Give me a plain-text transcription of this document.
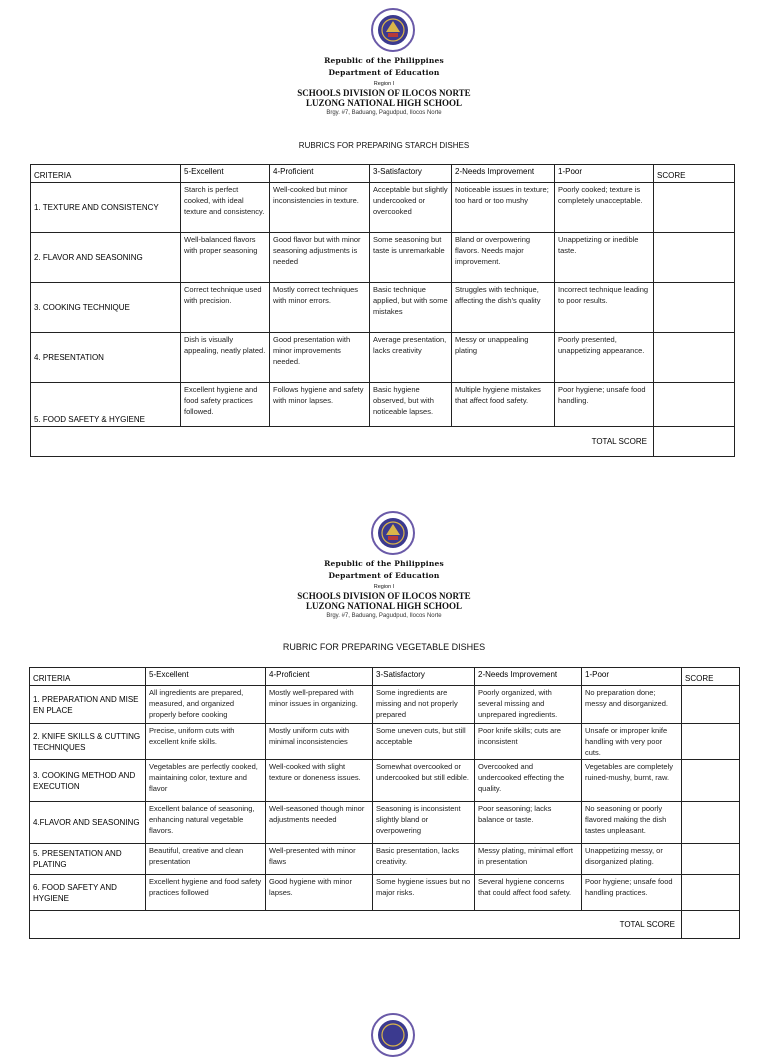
Republic of the Philippines
Department of Education
Region I
SCHOOLS DIVISION OF ILOCOS NORTE
LUZONG NATIONAL HIGH SCHOOL
Brgy. #7, Baduang, Pagudpud, Ilocos Norte
RUBRICS FOR PREPARING STARCH DISHES
CRITERIA	5-Excellent	4-Proficient	3-Satisfactory	2-Needs Improvement	1-Poor	SCORE
1. TEXTURE AND CONSISTENCY	Starch is perfect cooked, with ideal texture and consistency.	Well-cooked but minor inconsistencies in texture.	Acceptable but slightly undercooked or overcooked	Noticeable issues in texture; too hard or too mushy	Poorly cooked; texture is completely unacceptable.	
2. FLAVOR AND SEASONING	Well-balanced flavors with proper seasoning	Good flavor but with minor seasoning adjustments is needed	Some seasoning but taste is unremarkable	Bland or overpowering flavors. Needs major improvement.	Unappetizing or inedible taste.	
3. COOKING TECHNIQUE	Correct technique used with precision.	Mostly correct techniques with minor errors.	Basic technique applied, but with some mistakes	Struggles with technique, affecting the dish's quality	Incorrect technique leading to poor results.	
4. PRESENTATION	Dish is visually appealing, neatly plated.	Good presentation with minor improvements needed.	Average presentation, lacks creativity	Messy or unappealing plating	Poorly presented, unappetizing appearance.	
5. FOOD SAFETY & HYGIENE	Excellent hygiene and food safety practices followed.	Follows hygiene and safety with minor lapses.	Basic hygiene observed, but with noticeable lapses.	Multiple hygiene mistakes that affect food safety.	Poor hygiene; unsafe food handling.	
TOTAL SCORE						
Republic of the Philippines
Department of Education
Region I
SCHOOLS DIVISION OF ILOCOS NORTE
LUZONG NATIONAL HIGH SCHOOL
Brgy. #7, Baduang, Pagudpud, Ilocos Norte
RUBRIC FOR PREPARING VEGETABLE DISHES
CRITERIA	5-Excellent	4-Proficient	3-Satisfactory	2-Needs Improvement	1-Poor	SCORE
1. PREPARATION AND MISE EN PLACE	All ingredients are prepared, measured, and organized properly before cooking	Mostly well-prepared with minor issues in organizing.	Some ingredients are missing and not properly prepared	Poorly organized, with several missing and unprepared ingredients.	No preparation done; messy and disorganized.	
2. KNIFE SKILLS & CUTTING TECHNIQUES	Precise, uniform cuts with excellent knife skills.	Mostly uniform cuts with minimal inconsistencies	Some uneven cuts, but still acceptable	Poor knife skills; cuts are inconsistent	Unsafe or improper knife handling with very poor cuts.	
3. COOKING METHOD AND EXECUTION	Vegetables are perfectly cooked, maintaining color, texture and flavor	Well-cooked with slight texture or doneness issues.	Somewhat overcooked or undercooked but still edible.	Overcooked and undercooked effecting the quality.	Vegetables are completely ruined-mushy, burnt, raw.	
4.FLAVOR AND SEASONING	Excellent balance of seasoning, enhancing natural vegetable flavors.	Well-seasoned though minor adjustments needed	Seasoning is inconsistent slightly bland or overpowering	Poor seasoning; lacks balance or taste.	No seasoning or poorly flavored making the dish tastes unpleasant.	
5. PRESENTATION AND PLATING	Beautiful, creative and clean presentation	Well-presented with minor flaws	Basic presentation, lacks creativity.	Messy plating, minimal effort in presentation	Unappetizing messy, or disorganized plating.	
6. FOOD SAFETY AND HYGIENE	Excellent hygiene and food safety practices followed	Good hygiene with minor lapses.	Some hygiene issues but no major risks.	Several hygiene concerns that could affect food safety.	Poor hygiene; unsafe food handling practices.	
TOTAL SCORE						
